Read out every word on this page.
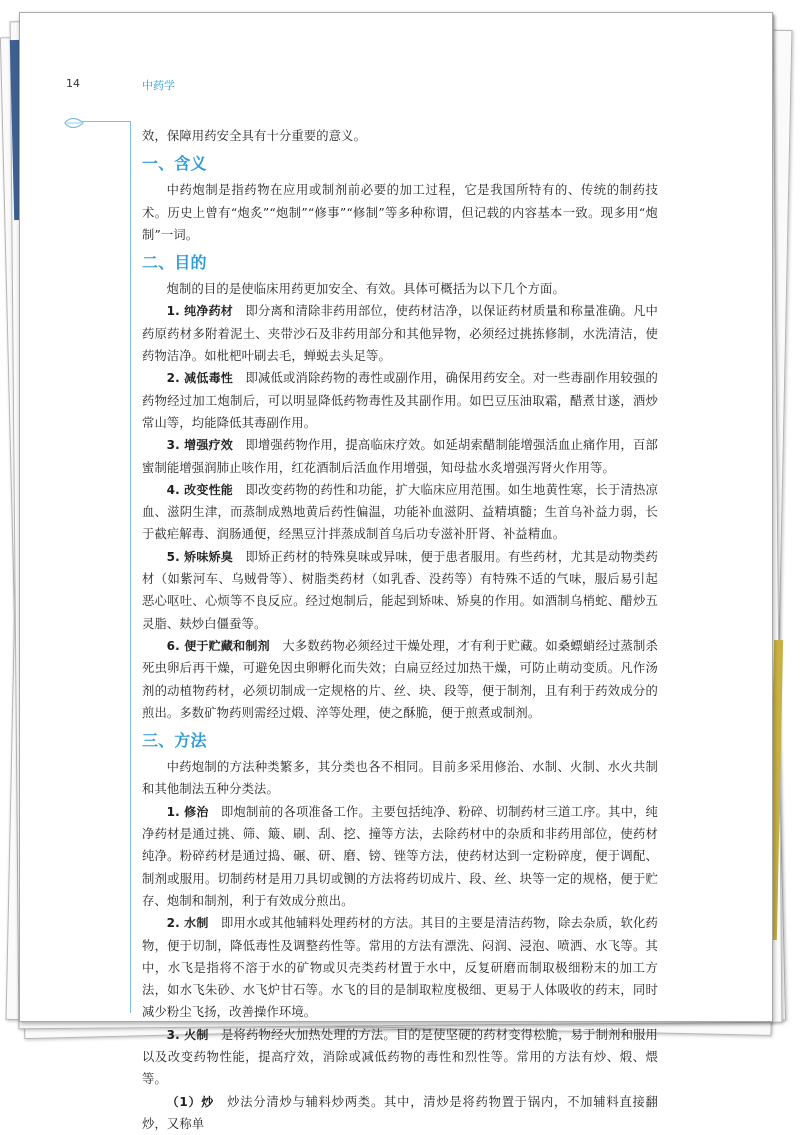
14	中药学

效，保障用药安全具有十分重要的意义。

一、含义

中药炮制是指药物在应用或制剂前必要的加工过程，它是我国所特有的、传统的制药技术。历史上曾有“炮炙”“炮制”“修事”“修制”等多种称谓，但记载的内容基本一致。现多用“炮制”一词。

二、目的

炮制的目的是使临床用药更加安全、有效。具体可概括为以下几个方面。

1. 纯净药材  即分离和清除非药用部位，使药材洁净，以保证药材质量和称量准确。凡中药原药材多附着泥土、夹带沙石及非药用部分和其他异物，必须经过挑拣修制，水洗清洁，使药物洁净。如枇杷叶刷去毛，蝉蜕去头足等。

2. 减低毒性  即减低或消除药物的毒性或副作用，确保用药安全。对一些毒副作用较强的药物经过加工炮制后，可以明显降低药物毒性及其副作用。如巴豆压油取霜，醋煮甘遂，酒炒常山等，均能降低其毒副作用。

3. 增强疗效  即增强药物作用，提高临床疗效。如延胡索醋制能增强活血止痛作用，百部蜜制能增强润肺止咳作用，红花酒制后活血作用增强，知母盐水炙增强泻肾火作用等。

4. 改变性能  即改变药物的药性和功能，扩大临床应用范围。如生地黄性寒，长于清热凉血、滋阴生津，而蒸制成熟地黄后药性偏温，功能补血滋阴、益精填髓；生首乌补益力弱，长于截疟解毒、润肠通便，经黑豆汁拌蒸成制首乌后功专滋补肝肾、补益精血。

5. 矫味矫臭  即矫正药材的特殊臭味或异味，便于患者服用。有些药材，尤其是动物类药材（如紫河车、乌贼骨等）、树脂类药材（如乳香、没药等）有特殊不适的气味，服后易引起恶心呕吐、心烦等不良反应。经过炮制后，能起到矫味、矫臭的作用。如酒制乌梢蛇、醋炒五灵脂、麸炒白僵蚕等。

6. 便于贮藏和制剂  大多数药物必须经过干燥处理，才有利于贮藏。如桑螵蛸经过蒸制杀死虫卵后再干燥，可避免因虫卵孵化而失效；白扁豆经过加热干燥，可防止萌动变质。凡作汤剂的动植物药材，必须切制成一定规格的片、丝、块、段等，便于制剂，且有利于药效成分的煎出。多数矿物药则需经过煅、淬等处理，使之酥脆，便于煎煮或制剂。

三、方法

中药炮制的方法种类繁多，其分类也各不相同。目前多采用修治、水制、火制、水火共制和其他制法五种分类法。

1. 修治  即炮制前的各项准备工作。主要包括纯净、粉碎、切制药材三道工序。其中，纯净药材是通过挑、筛、簸、刷、刮、挖、撞等方法，去除药材中的杂质和非药用部位，使药材纯净。粉碎药材是通过捣、碾、研、磨、镑、锉等方法，使药材达到一定粉碎度，便于调配、制剂或服用。切制药材是用刀具切或铡的方法将药切成片、段、丝、块等一定的规格，便于贮存、炮制和制剂，利于有效成分煎出。

2. 水制  即用水或其他辅料处理药材的方法。其目的主要是清洁药物，除去杂质，软化药物，便于切制，降低毒性及调整药性等。常用的方法有漂洗、闷润、浸泡、喷洒、水飞等。其中，水飞是指将不溶于水的矿物或贝壳类药材置于水中，反复研磨而制取极细粉末的加工方法，如水飞朱砂、水飞炉甘石等。水飞的目的是制取粒度极细、更易于人体吸收的药末，同时减少粉尘飞扬，改善操作环境。

3. 火制  是将药物经火加热处理的方法。目的是使坚硬的药材变得松脆，易于制剂和服用以及改变药物性能，提高疗效，消除或减低药物的毒性和烈性等。常用的方法有炒、煅、煨等。

（1）炒  炒法分清炒与辅料炒两类。其中，清炒是将药物置于锅内，不加辅料直接翻炒，又称单
